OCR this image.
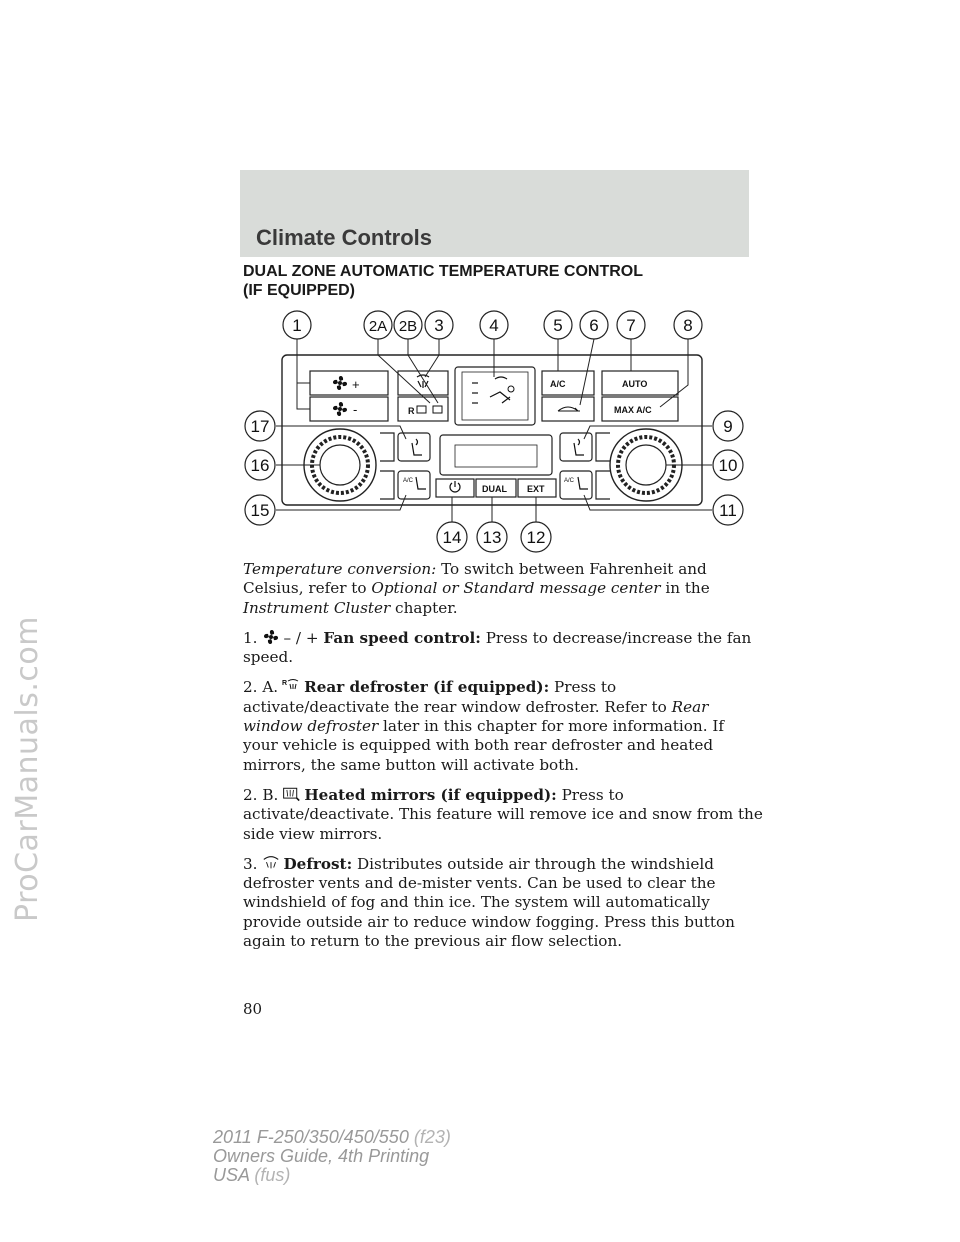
ProCarManuals.com
Climate Controls
DUAL ZONE AUTOMATIC TEMPERATURE CONTROL
(IF EQUIPPED)
+
-	R
A/C	AUTO
MAX A/C
A/C
DUAL EXT
A/C
1	2A 2B 3	4	5 6 7	8
17
16
15
9
10
11
14 13 12

Temperature conversion: To switch between Fahrenheit and Celsius, refer to Optional or Standard message center in the Instrument Cluster chapter.

1. – / + Fan speed control: Press to decrease/increase the fan speed.

2. A. R Rear defroster (if equipped): Press to activate/deactivate the rear window defroster. Refer to Rear window defroster later in this chapter for more information. If your vehicle is equipped with both rear defroster and heated mirrors, the same button will activate both.

2. B. Heated mirrors (if equipped): Press to activate/deactivate. This feature will remove ice and snow from the side view mirrors.

3. Defrost: Distributes outside air through the windshield defroster vents and de-mister vents. Can be used to clear the windshield of fog and thin ice. The system will automatically provide outside air to reduce window fogging. Press this button again to return to the previous air flow selection.

80
2011 F-250/350/450/550 (f23)
Owners Guide, 4th Printing
USA (fus)
